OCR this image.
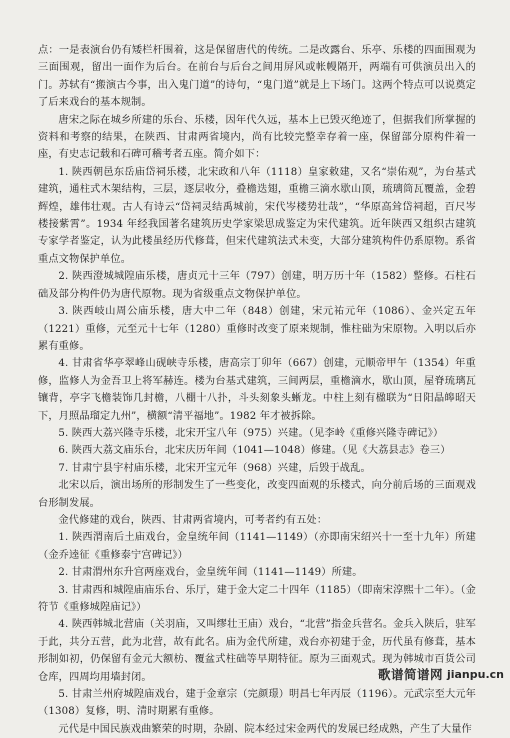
点：一是表演台仍有矮栏杆围着，这是保留唐代的传统。二是改露台、乐亭、乐楼的四面围观为三面围观，留出一面作为后台。在前台与后台之间用屏风或帐幔隔开，两端有可供演员出入的门。苏轼有“搬演古今事，出入鬼门道”的诗句，“鬼门道”就是上下场门。这两个特点可以说奠定了后来戏台的基本规制。

唐宋之际在城乡所建的乐台、乐楼，因年代久远，基本上已毁灭绝迹了，但据我们所掌握的资料和考察的结果，在陕西、甘肃两省境内，尚有比较完整幸存着一座，保留部分原构件着一座，有史志记载和石碑可稽考者五座。简介如下：

1. 陕西朝邑东岳庙岱祠乐楼，北宋政和八年（1118）皇家敕建，又名“崇佑观”，为台基式建筑，通柱式木架结构，三层，逐层收分，叠檐迭翅，重檐三滴水歇山顶，琉璃筒瓦覆盖，金碧辉煌，雄伟壮观。古人有诗云“岱祠灵结禹城前，宋代岑楼势壮哉”，“华原高耸岱祠超，百尺岑楼接紫霄”。1934 年经我国著名建筑历史学家梁思成鉴定为宋代建筑。近年陕西又组织古建筑专家学者鉴定，认为此楼虽经历代修葺，但宋代建筑法式未变，大部分建筑构件仍系原物。系省重点文物保护单位。

2. 陕西澄城城隍庙乐楼，唐贞元十三年（797）创建，明万历十年（1582）整修。石柱石础及部分构件仍为唐代原物。现为省级重点文物保护单位。

3. 陕西岐山周公庙乐楼，唐大中二年（848）创建，宋元祐元年（1086）、金兴定五年（1221）重修，元至元十七年（1280）重修时改变了原来规制，惟柱础为宋原物。入明以后亦累有重修。

4. 甘肃省华亭翠峰山砚峡寺乐楼，唐高宗丁卯年（667）创建，元顺帝甲午（1354）年重修，监修人为金吾卫上将军赫连。楼为台基式建筑，三间两层，重檐滴水，歇山顶，屋脊琉璃瓦镶背，亭字飞檐装饰几封檐，八棚十八扑，斗头刻象头蜥龙。中柱上刻有楹联为“日阳晶皞昭天下，月照晶瑠定九州”，横额“清平福地”。1982 年才被拆除。

5. 陕西大荔兴隆寺乐楼，北宋开宝八年（975）兴建。（见李岭《重修兴隆寺碑记》）

6. 陕西大荔文庙乐台，北宋庆历年间（1041—1048）修建。（见《大荔县志》卷三）

7. 甘肃宁县宇村庙乐楼，北宋开宝元年（968）兴建，后毁于战乱。

北宋以后，演出场所的形制发生了一些变化，改变四面观的乐楼式，向分前后场的三面观戏台形制发展。

金代修建的戏台，陕西、甘肃两省境内，可考者约有五处：

1. 陕西渭南后土庙戏台，金皇统年间（1141—1149）（亦即南宋绍兴十一至十九年）所建（金乔逵征《重修泰宁宫碑记》）

2. 甘肃渭州东升宫两座戏台，金皇统年间（1141—1149）所建。

3. 甘肃西和城隍庙庙乐台、乐厅，建于金大定二十四年（1185）（即南宋淳熙十二年）。（金符节《重修城隍庙记》）

4. 陕西韩城北营庙（关羽庙，又叫缪壮王庙）戏台，“北营”指金兵营名。金兵入陕后，驻军于此，共分五营，此为北营，故有此名。庙为金代所建，戏台亦初建于金，历代虽有修葺，基本形制如初，仍保留有金元大额枋、覆盆式柱础等早期特征。原为三面观式。现为韩城市百货公司仓库，四周均用墙封闭。

5. 甘肃兰州府城隍庙戏台，建于金章宗（完颜璟）明昌七年丙辰（1196）。元武宗至大元年（1308）复修，明、清时期累有重修。

元代是中国民族戏曲繁荣的时期，杂剧、院本经过宋金两代的发展已经成熟，产生了大量作

歌谱简谱网 jianpu.cn
